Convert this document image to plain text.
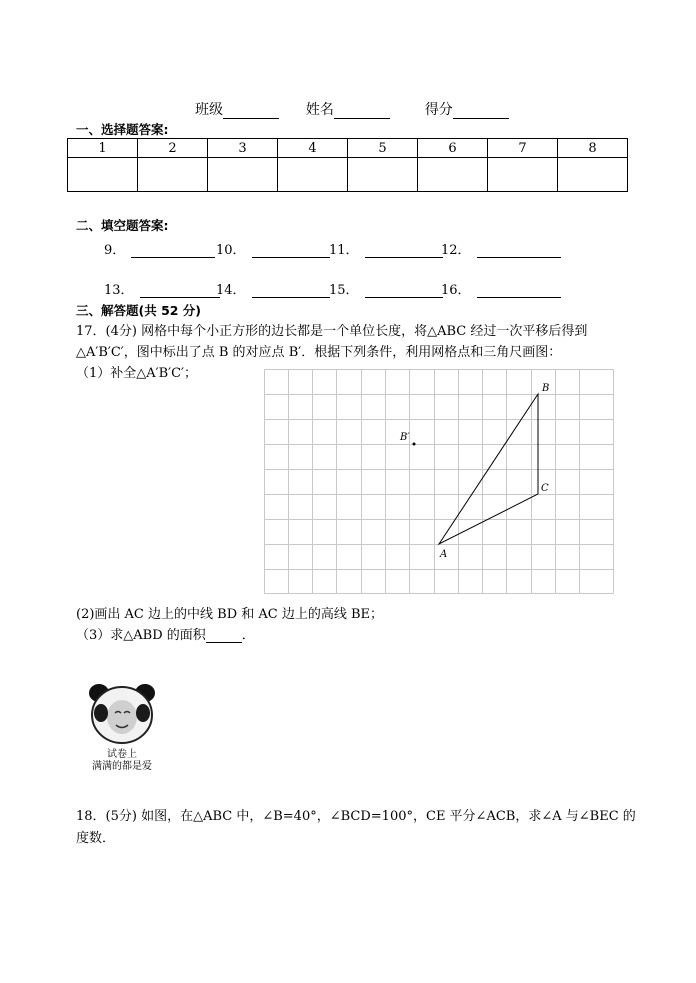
班级	姓名	得分
一、选择题答案:
1	2	3	4	5	6	7	8

二、填空题答案:
9．	10．	11．	12．
13．	14．	15．	16．
三、解答题(共 52 分)
17．(4分) 网格中每个小正方形的边长都是一个单位长度，将△ABC 经过一次平移后得到
△A′B′C′，图中标出了点 B 的对应点 B′．根据下列条件，利用网格点和三角尺画图：
（1）补全△A′B′C′；
B
C
A
B′
(2)画出 AC 边上的中线 BD 和 AC 边上的高线 BE；
（3）求△ABD 的面积	．
试卷上
满满的都是爱
18．(5分) 如图，在△ABC 中，∠B=40°，∠BCD=100°，CE 平分∠ACB，求∠A 与∠BEC 的
度数．
